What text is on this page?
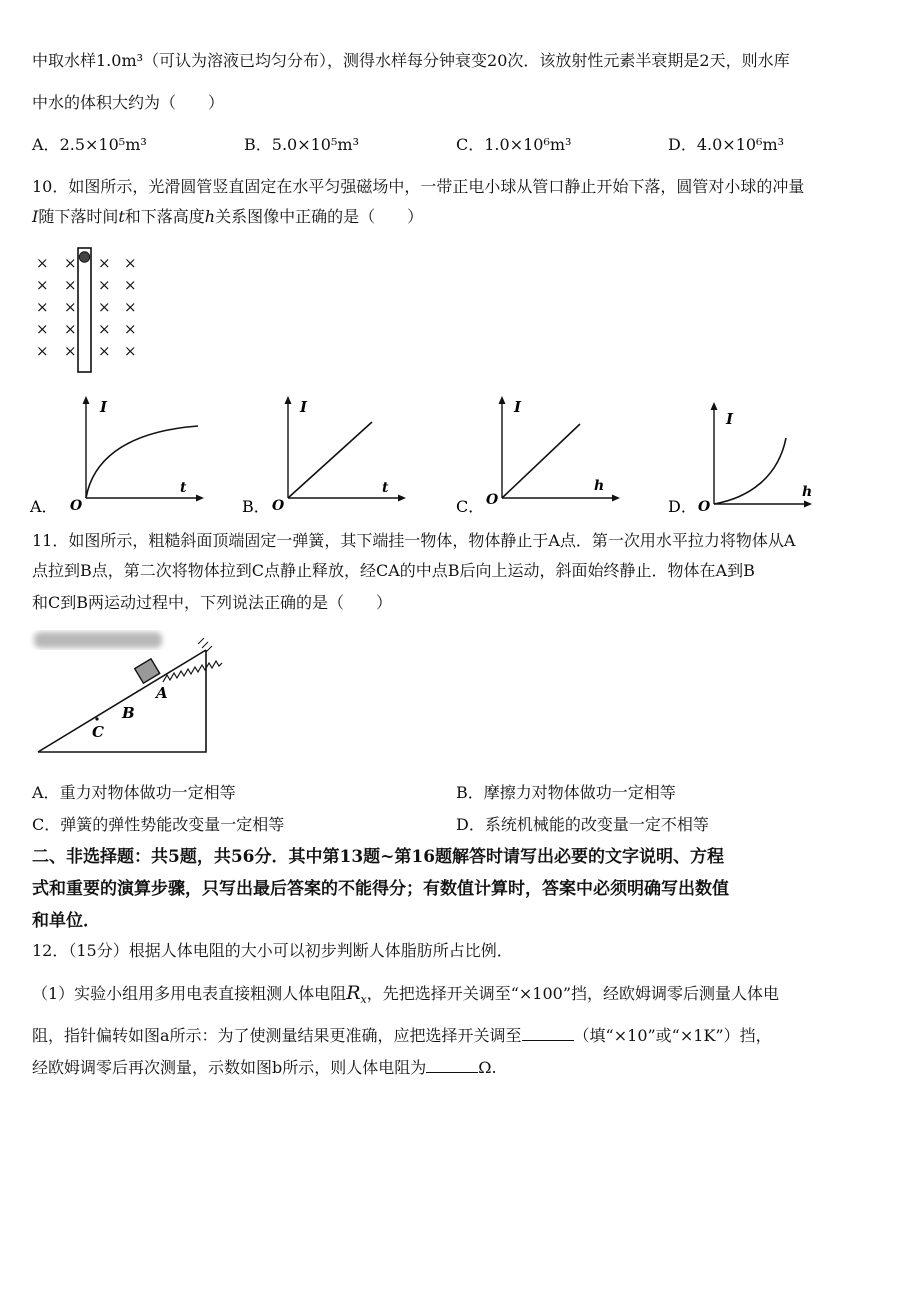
中取水样1.0m³（可认为溶液已均匀分布），测得水样每分钟衰变20次．该放射性元素半衰期是2天，则水库
中水的体积大约为（　　）
A．2.5×10⁵m³	B．5.0×10⁵m³	C．1.0×10⁶m³	D．4.0×10⁶m³
10．如图所示，光滑圆管竖直固定在水平匀强磁场中，一带正电小球从管口静止开始下落，圆管对小球的冲量
I随下落时间t和下落高度h关系图像中正确的是（　　）
× × × ×
× × × ×
× × × ×
× × × ×
× × × ×
I
t
O
A．
I
t
O
B．
I
h
O
C．
I
h
O
D．
11．如图所示，粗糙斜面顶端固定一弹簧，其下端挂一物体，物体静止于A点．第一次用水平拉力将物体从A
点拉到B点，第二次将物体拉到C点静止释放，经CA的中点B后向上运动，斜面始终静止．物体在A到B
和C到B两运动过程中，下列说法正确的是（　　）
A
B
C
A．重力对物体做功一定相等	B．摩擦力对物体做功一定相等
C．弹簧的弹性势能改变量一定相等	D．系统机械能的改变量一定不相等
二、非选择题：共5题，共56分．其中第13题~第16题解答时请写出必要的文字说明、方程
式和重要的演算步骤，只写出最后答案的不能得分；有数值计算时，答案中必须明确写出数值
和单位．
12．（15分）根据人体电阻的大小可以初步判断人体脂肪所占比例．
（1）实验小组用多用电表直接粗测人体电阻$R_x$，先把选择开关调至“×100”挡，经欧姆调零后测量人体电
阻，指针偏转如图a所示：为了使测量结果更准确，应把选择开关调至	（填“×10”或“×1K”）挡，
经欧姆调零后再次测量，示数如图b所示，则人体电阻为	Ω.
